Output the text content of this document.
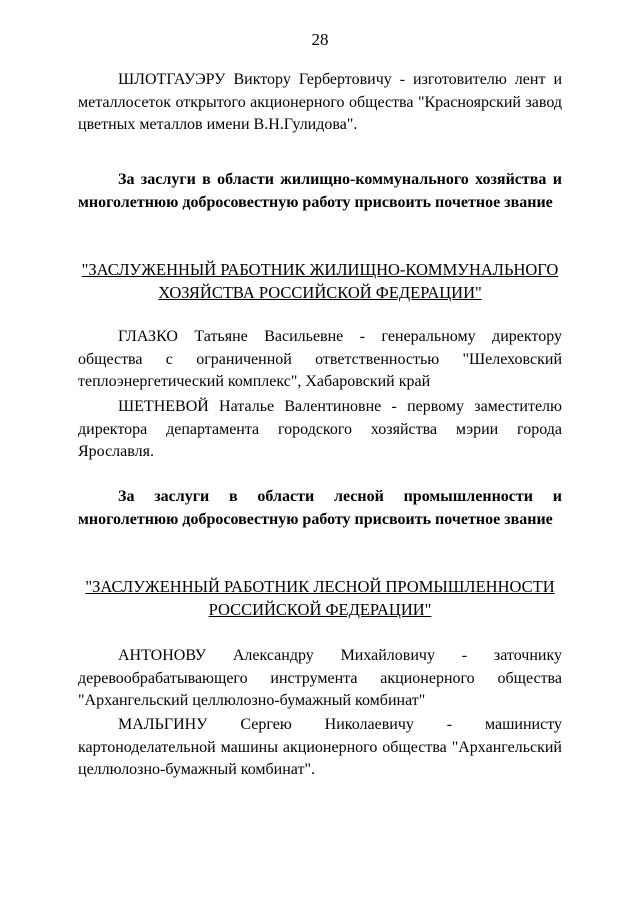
28
ШЛОТГАУЭРУ Виктору Гербертовичу - изготовителю лент и металлосеток открытого акционерного общества "Красноярский завод цветных металлов имени В.Н.Гулидова".
За заслуги в области жилищно-коммунального хозяйства и многолетнюю добросовестную работу присвоить почетное звание
"ЗАСЛУЖЕННЫЙ РАБОТНИК ЖИЛИЩНО-КОММУНАЛЬНОГО
ХОЗЯЙСТВА РОССИЙСКОЙ ФЕДЕРАЦИИ"
ГЛАЗКО Татьяне Васильевне - генеральному директору общества с ограниченной ответственностью "Шелеховский теплоэнергетический комплекс", Хабаровский край
ШЕТНЕВОЙ Наталье Валентиновне - первому заместителю директора департамента городского хозяйства мэрии города Ярославля.
За заслуги в области лесной промышленности и многолетнюю добросовестную работу присвоить почетное звание
"ЗАСЛУЖЕННЫЙ РАБОТНИК ЛЕСНОЙ ПРОМЫШЛЕННОСТИ
РОССИЙСКОЙ ФЕДЕРАЦИИ"
АНТОНОВУ Александру Михайловичу - заточнику деревообрабатывающего инструмента акционерного общества "Архангельский целлюлозно-бумажный комбинат"
МАЛЬГИНУ Сергею Николаевичу - машинисту картоноделательной машины акционерного общества "Архангельский целлюлозно-бумажный комбинат".
